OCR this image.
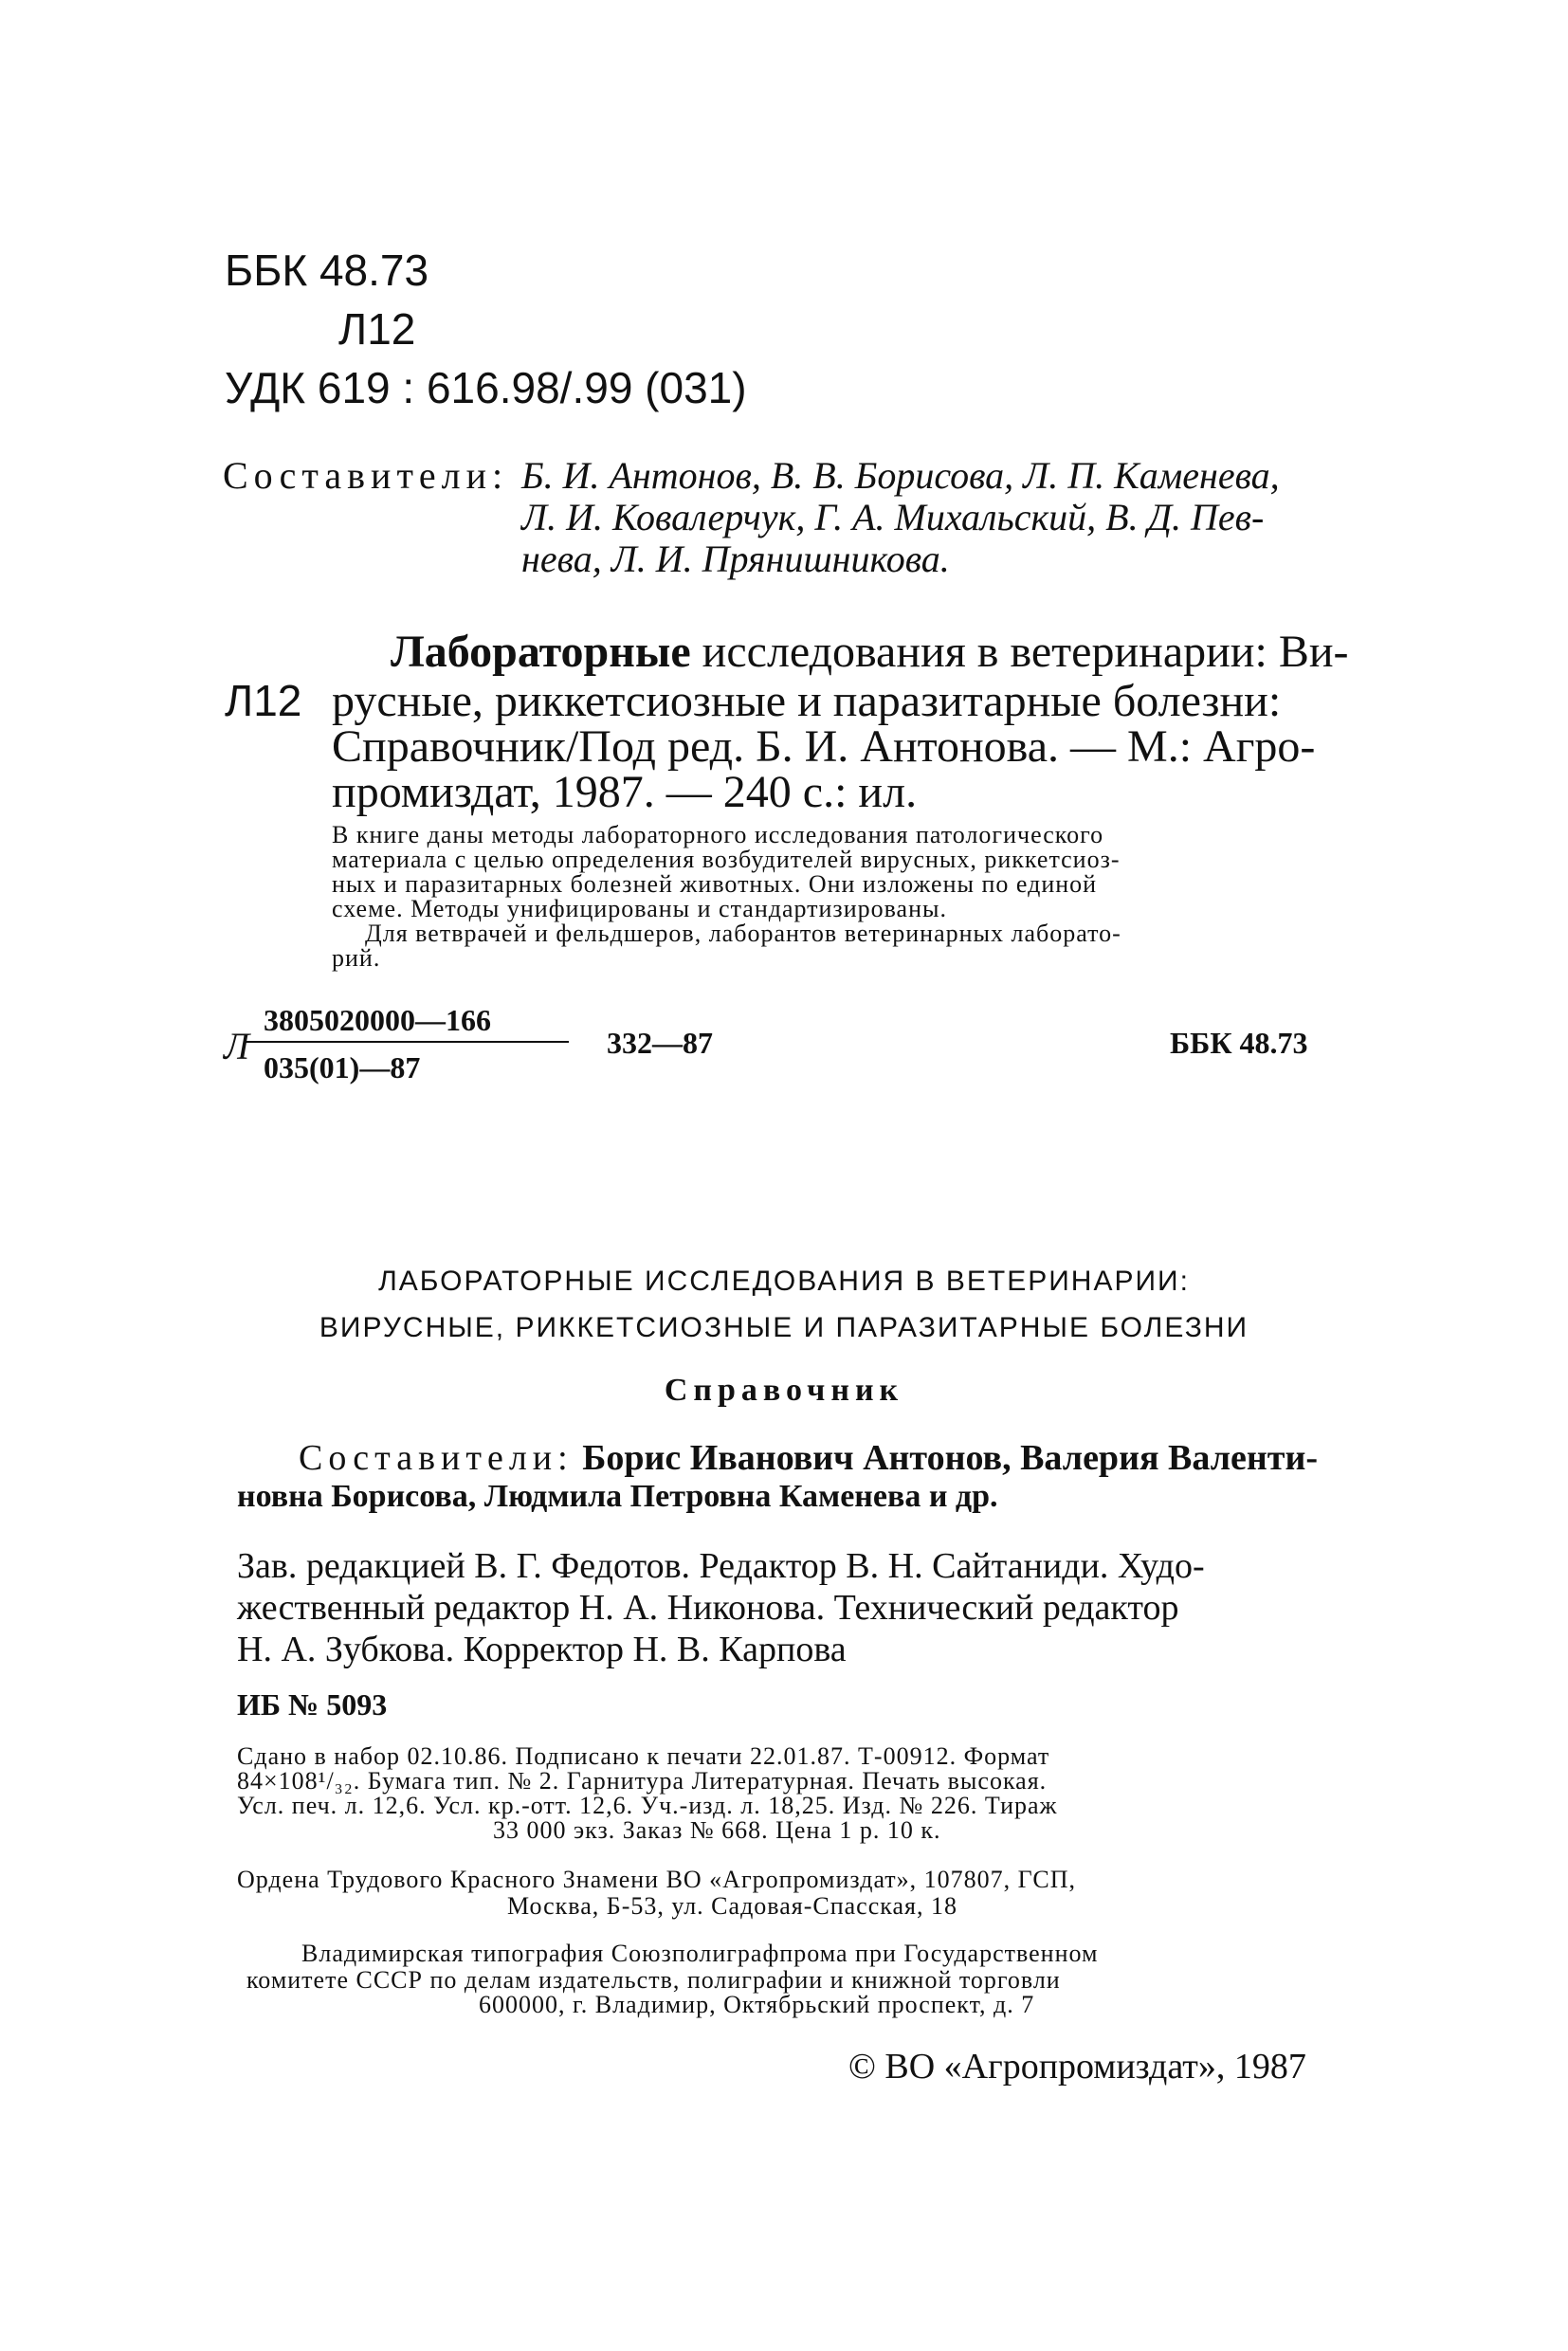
ББК 48.73
Л12
УДК 619 : 616.98/.99 (031)
Составители: Б. И. Антонов, В. В. Борисова, Л. П. Каменева,
Л. И. Ковалерчук, Г. А. Михальский, В. Д. Пев-
нева, Л. И. Прянишникова.
Лабораторные исследования в ветеринарии: Ви-
Л12 русные, риккетсиозные и паразитарные болезни:
Справочник/Под ред. Б. И. Антонова. — М.: Агро-
промиздат, 1987. — 240 с.: ил.
В книге даны методы лабораторного исследования патологического
материала с целью определения возбудителей вирусных, риккетсиоз-
ных и паразитарных болезней животных. Они изложены по единой
схеме. Методы унифицированы и стандартизированы.
Для ветврачей и фельдшеров, лаборантов ветеринарных лаборато-
рий.
Л
3805020000—166
035(01)—87
332—87	ББК 48.73
ЛАБОРАТОРНЫЕ ИССЛЕДОВАНИЯ В ВЕТЕРИНАРИИ:
ВИРУСНЫЕ, РИККЕТСИОЗНЫЕ И ПАРАЗИТАРНЫЕ БОЛЕЗНИ
Справочник
Составители: Борис Иванович Антонов, Валерия Валенти-
новна Борисова, Людмила Петровна Каменева и др.
Зав. редакцией В. Г. Федотов. Редактор В. Н. Сайтаниди. Худо-
жественный редактор Н. А. Никонова. Технический редактор
Н. А. Зубкова. Корректор Н. В. Карпова
ИБ № 5093
Сдано в набор 02.10.86. Подписано к печати 22.01.87. Т-00912. Формат
84×108¹/₃₂. Бумага тип. № 2. Гарнитура Литературная. Печать высокая.
Усл. печ. л. 12,6. Усл. кр.-отт. 12,6. Уч.-изд. л. 18,25. Изд. № 226. Тираж
33 000 экз. Заказ № 668. Цена 1 р. 10 к.
Ордена Трудового Красного Знамени ВО «Агропромиздат», 107807, ГСП,
Москва, Б-53, ул. Садовая-Спасская, 18
Владимирская типография Союзполиграфпрома при Государственном
комитете СССР по делам издательств, полиграфии и книжной торговли
600000, г. Владимир, Октябрьский проспект, д. 7
© ВО «Агропромиздат», 1987
